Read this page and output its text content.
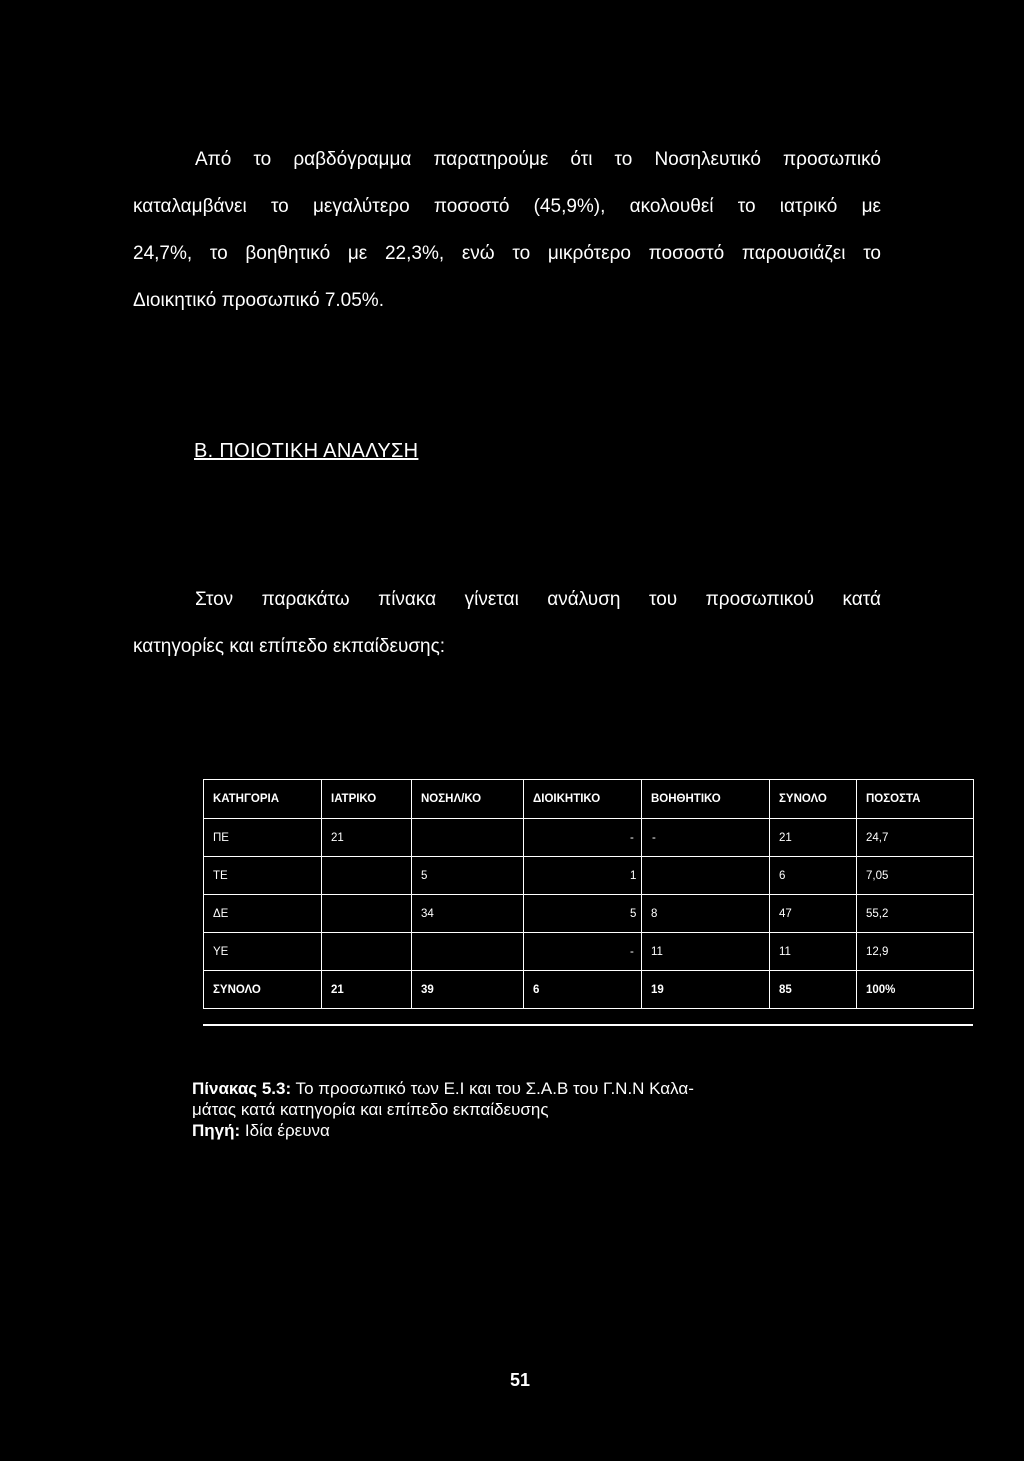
Από το ραβδόγραμμα παρατηρούμε ότι το Νοσηλευτικό προσωπικό
καταλαμβάνει το μεγαλύτερο ποσοστό (45,9%), ακολουθεί το ιατρικό με
24,7%, το βοηθητικό με 22,3%, ενώ το μικρότερο ποσοστό παρουσιάζει το
Διοικητικό προσωπικό 7.05%.
Β. ΠΟΙΟΤΙΚΗ ΑΝΑΛΥΣΗ
Στον παρακάτω πίνακα γίνεται ανάλυση του προσωπικού κατά
κατηγορίες και επίπεδο εκπαίδευσης:
ΚΑΤΗΓΟΡΙΑ	ΙΑΤΡΙΚΟ	ΝΟΣΗΛ/ΚΟ	ΔΙΟΙΚΗΤΙΚΟ	ΒΟΗΘΗΤΙΚΟ	ΣΥΝΟΛΟ	ΠΟΣΟΣΤΑ
ΠΕ	21		-	-	21	24,7
ΤΕ		5	1		6	7,05
ΔΕ		34	5	8	47	55,2
ΥΕ			-	11	11	12,9
ΣΥΝΟΛΟ	21	39	6	19	85	100%

Πίνακας 5.3: Το προσωπικό των Ε.Ι και του Σ.Α.Β του Γ.Ν.Ν Καλα-
μάτας κατά κατηγορία και επίπεδο εκπαίδευσης
Πηγή: Ιδία έρευνα

51
